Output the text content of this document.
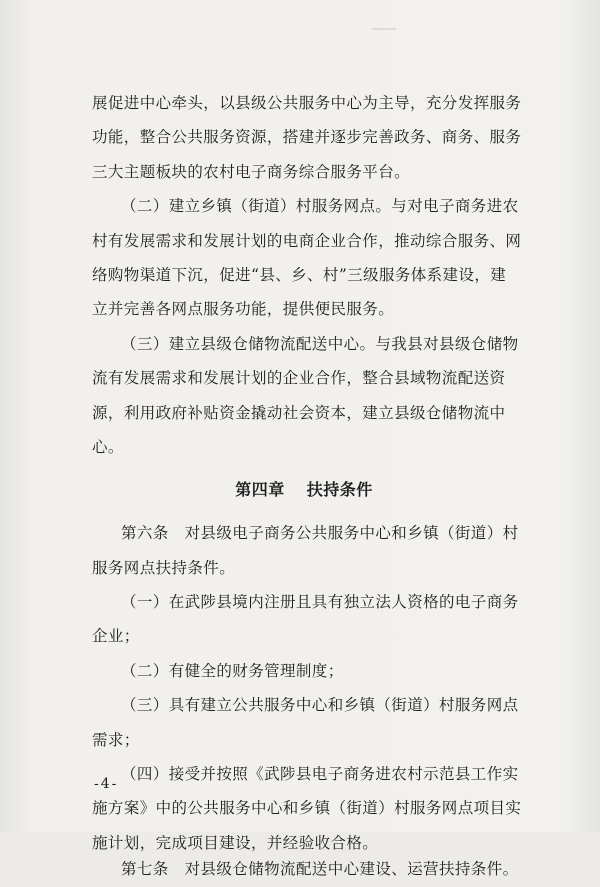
展促进中心牵头，以县级公共服务中心为主导，充分发挥服务
功能，整合公共服务资源，搭建并逐步完善政务、商务、服务
三大主题板块的农村电子商务综合服务平台。
（二）建立乡镇（街道）村服务网点。与对电子商务进农
村有发展需求和发展计划的电商企业合作，推动综合服务、网
络购物渠道下沉，促进“县、乡、村”三级服务体系建设，建
立并完善各网点服务功能，提供便民服务。
（三）建立县级仓储物流配送中心。与我县对县级仓储物
流有发展需求和发展计划的企业合作，整合县域物流配送资
源，利用政府补贴资金撬动社会资本，建立县级仓储物流中
心。
第四章 扶持条件
第六条　对县级电子商务公共服务中心和乡镇（街道）村
服务网点扶持条件。
（一）在武陟县境内注册且具有独立法人资格的电子商务
企业；
（二）有健全的财务管理制度；
（三）具有建立公共服务中心和乡镇（街道）村服务网点
需求；
（四）接受并按照《武陟县电子商务进农村示范县工作实
施方案》中的公共服务中心和乡镇（街道）村服务网点项目实
施计划，完成项目建设，并经验收合格。
第七条　对县级仓储物流配送中心建设、运营扶持条件。
-4-
